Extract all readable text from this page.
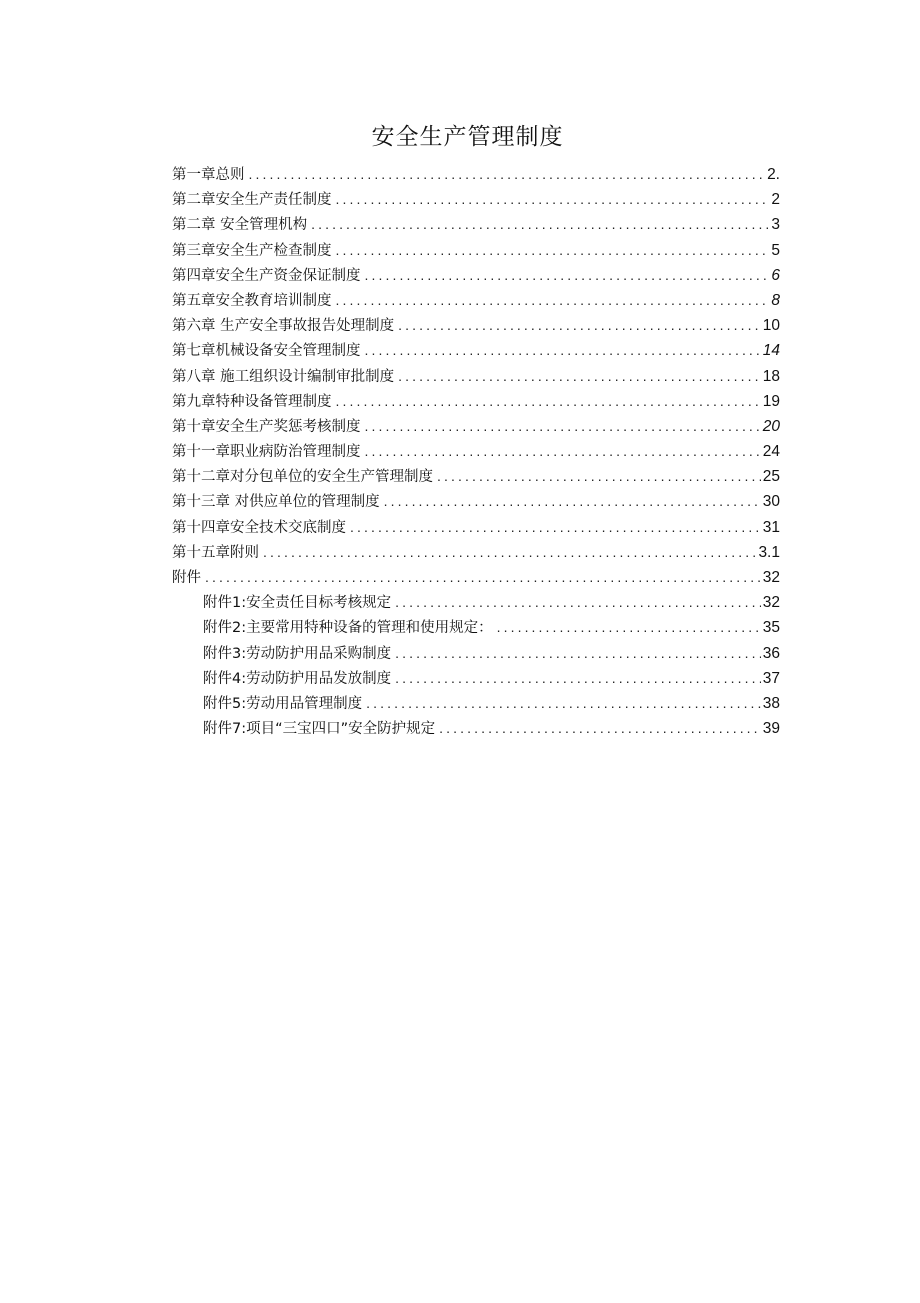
安全生产管理制度
第一章总则 .....	2.
第二章安全生产责任制度 .....	2
第二章 安全管理机构 .....	3
第三章安全生产检查制度 .....	5
第四章安全生产资金保证制度 .....	6
第五章安全教育培训制度 .....	8
第六章 生产安全事故报告处理制度 .....	10
第七章机械设备安全管理制度 .....	14
第八章 施工组织设计编制审批制度 .....	18
第九章特种设备管理制度 .....	19
第十章安全生产奖惩考核制度 .....	20
第十一章职业病防治管理制度 .....	24
第十二章对分包单位的安全生产管理制度 .....	25
第十三章 对供应单位的管理制度 .....	30
第十四章安全技术交底制度 .....	31
第十五章附则 .....	3.1
附件 .....	32
附件1:安全责任目标考核规定 .....	32
附件2:主要常用特种设备的管理和使用规定： .....	35
附件3:劳动防护用品采购制度 .....	36
附件4:劳动防护用品发放制度 .....	37
附件5:劳动用品管理制度 .....	38
附件7:项目“三宝四口”安全防护规定 .....	39
